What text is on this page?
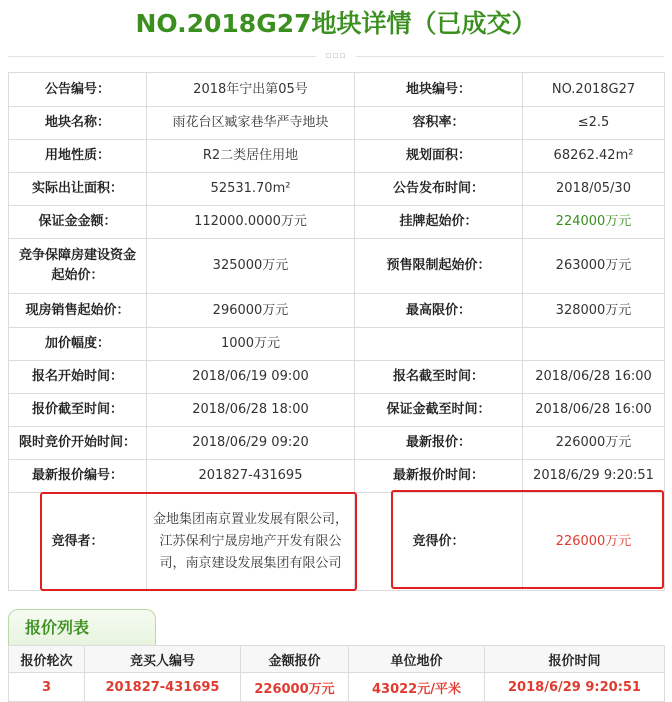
NO.2018G27地块详情（已成交）
▫▫▫
公告编号：	2018年宁出第05号	地块编号：	NO.2018G27
地块名称：	雨花台区臧家巷华严寺地块	容积率：	≤2.5
用地性质：	R2二类居住用地	规划面积：	68262.42m²
实际出让面积：	52531.70m²	公告发布时间：	2018/05/30
保证金金额：	112000.0000万元	挂牌起始价：	224000万元
竞争保障房建设资金起始价：	325000万元	预售限制起始价：	263000万元
现房销售起始价：	296000万元	最高限价：	328000万元
加价幅度：	1000万元		
报名开始时间：	2018/06/19 09:00	报名截至时间：	2018/06/28 16:00
报价截至时间：	2018/06/28 18:00	保证金截至时间：	2018/06/28 16:00
限时竞价开始时间：	2018/06/29 09:20	最新报价：	226000万元
最新报价编号：	201827-431695	最新报价时间：	2018/6/29 9:20:51
竞得者：	金地集团南京置业发展有限公司，江苏保利宁晟房地产开发有限公司，南京建设发展集团有限公司	竞得价：	226000万元
报价列表
报价轮次	竞买人编号	金额报价	单位地价	报价时间
3	201827-431695	226000万元	43022元/平米	2018/6/29 9:20:51
